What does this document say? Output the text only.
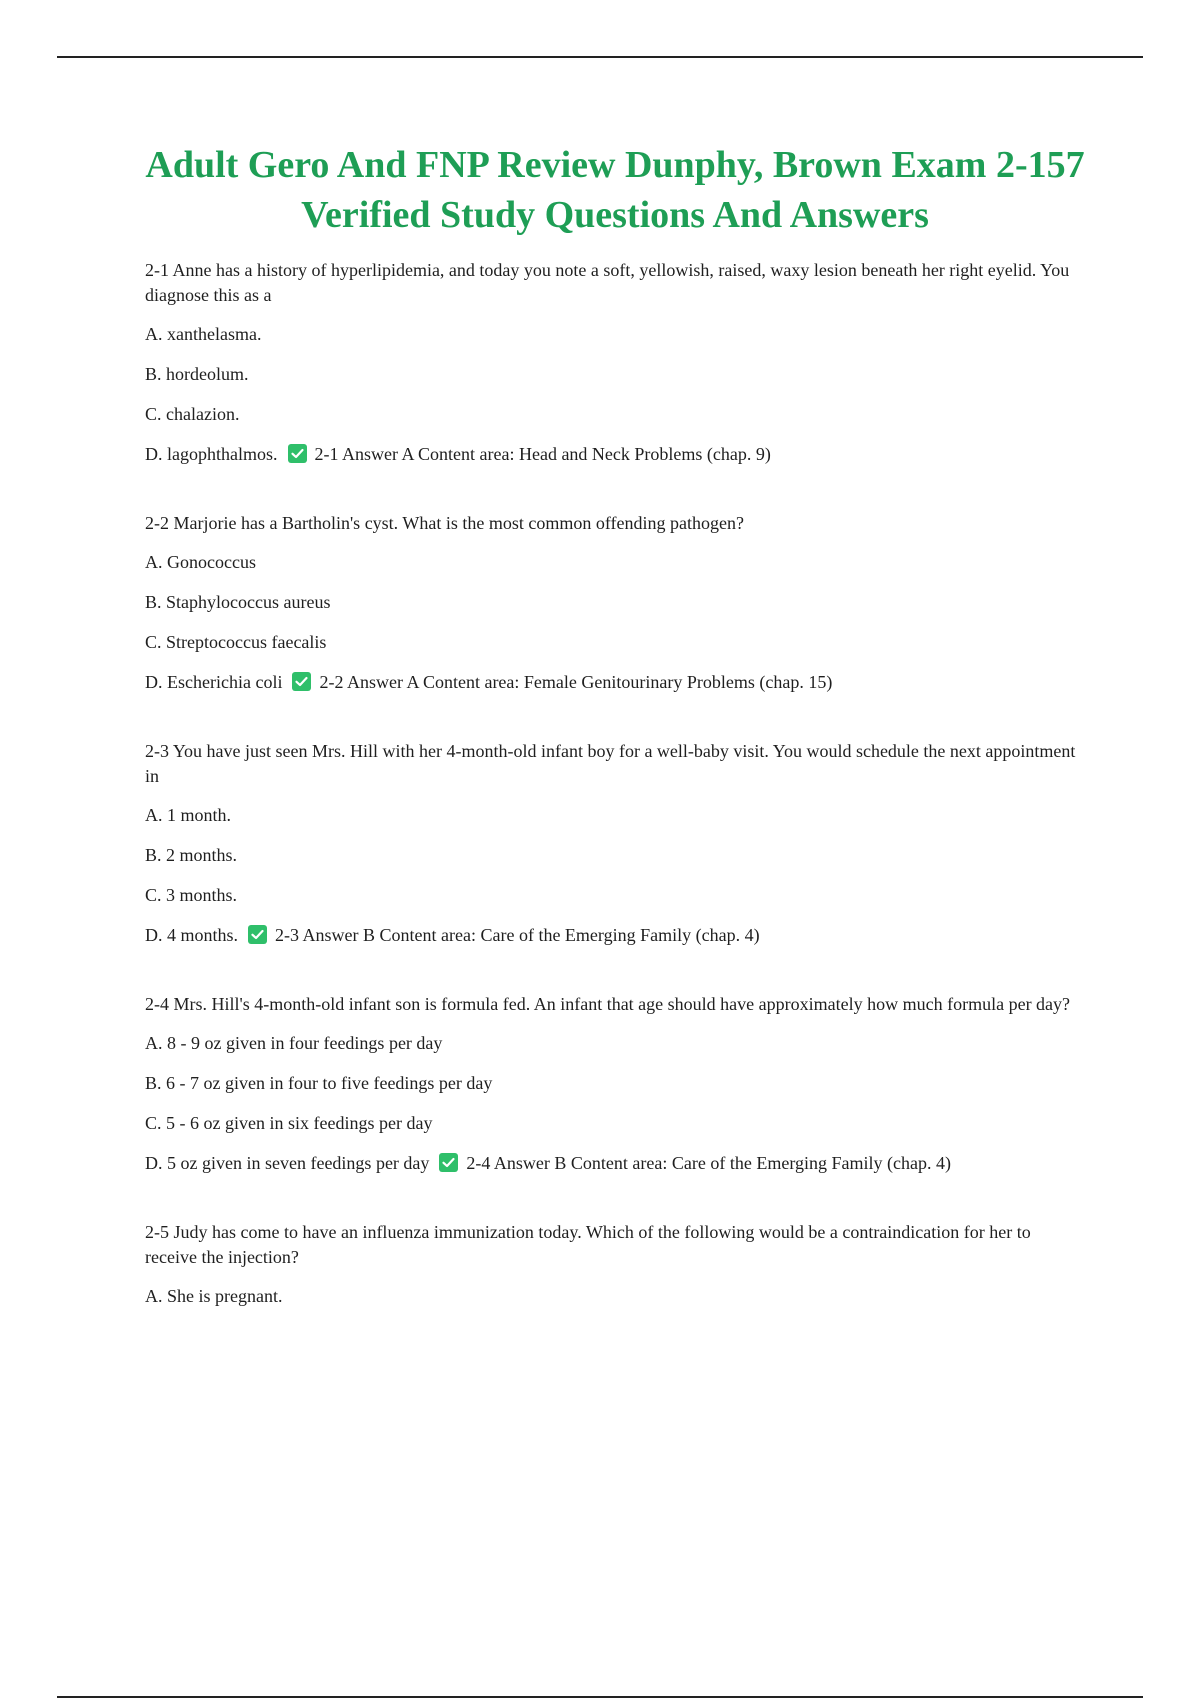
Adult Gero And FNP Review Dunphy, Brown Exam 2-157 Verified Study Questions And Answers

2-1 Anne has a history of hyperlipidemia, and today you note a soft, yellowish, raised, waxy lesion beneath her right eyelid. You diagnose this as a

A. xanthelasma.

B. hordeolum.

C. chalazion.

D. lagophthalmos. 2-1 Answer A Content area: Head and Neck Problems (chap. 9)

2-2 Marjorie has a Bartholin's cyst. What is the most common offending pathogen?

A. Gonococcus

B. Staphylococcus aureus

C. Streptococcus faecalis

D. Escherichia coli 2-2 Answer A Content area: Female Genitourinary Problems (chap. 15)

2-3 You have just seen Mrs. Hill with her 4-month-old infant boy for a well-baby visit. You would schedule the next appointment in

A. 1 month.

B. 2 months.

C. 3 months.

D. 4 months. 2-3 Answer B Content area: Care of the Emerging Family (chap. 4)

2-4 Mrs. Hill's 4-month-old infant son is formula fed. An infant that age should have approximately how much formula per day?

A. 8 - 9 oz given in four feedings per day

B. 6 - 7 oz given in four to five feedings per day

C. 5 - 6 oz given in six feedings per day

D. 5 oz given in seven feedings per day 2-4 Answer B Content area: Care of the Emerging Family (chap. 4)

2-5 Judy has come to have an influenza immunization today. Which of the following would be a contraindication for her to receive the injection?

A. She is pregnant.
